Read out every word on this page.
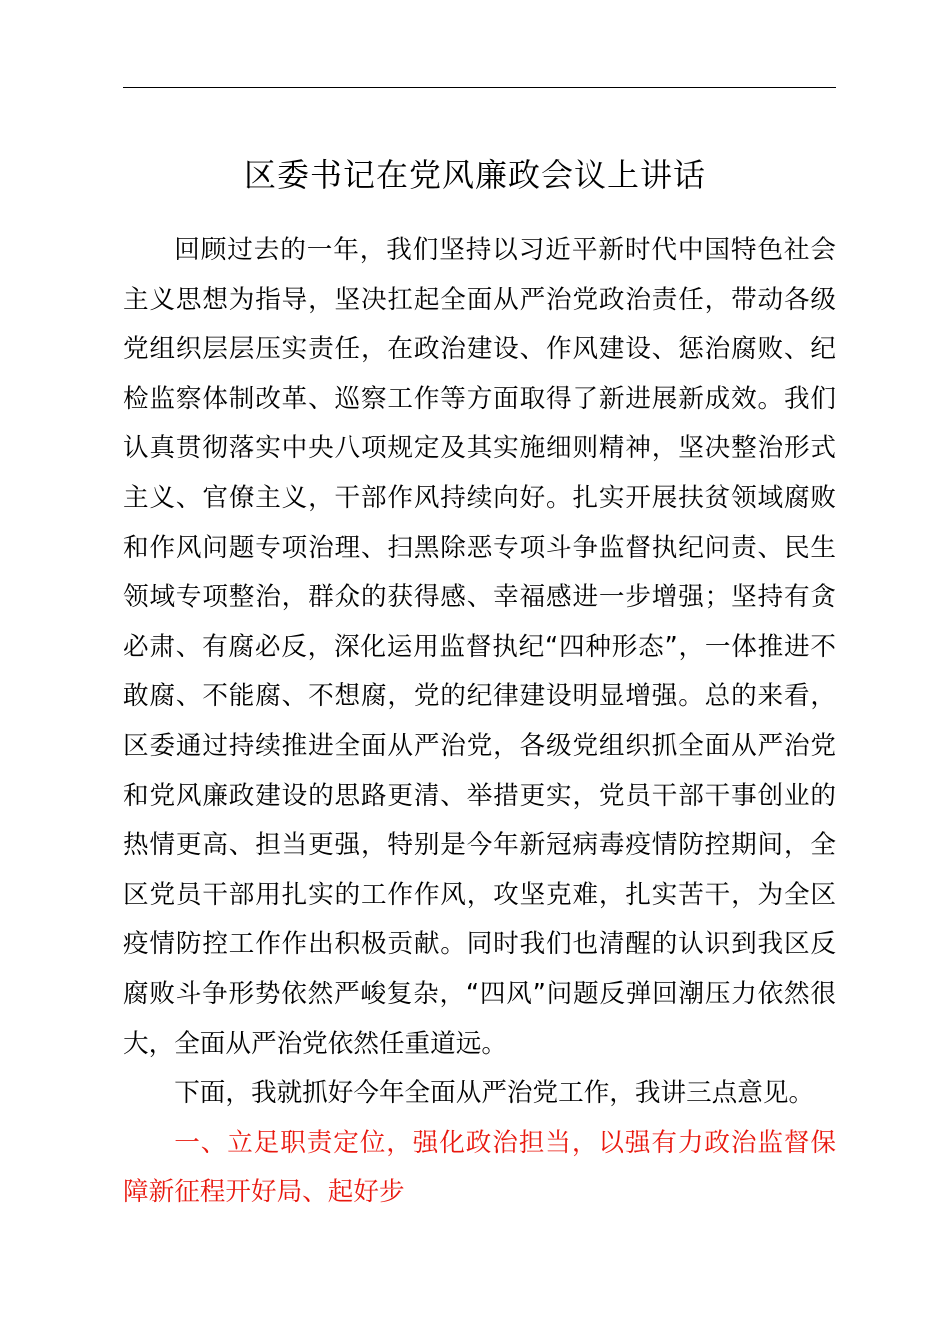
区委书记在党风廉政会议上讲话

回顾过去的一年，我们坚持以习近平新时代中国特色社会主义思想为指导，坚决扛起全面从严治党政治责任，带动各级党组织层层压实责任，在政治建设、作风建设、惩治腐败、纪检监察体制改革、巡察工作等方面取得了新进展新成效。我们认真贯彻落实中央八项规定及其实施细则精神，坚决整治形式主义、官僚主义，干部作风持续向好。扎实开展扶贫领域腐败和作风问题专项治理、扫黑除恶专项斗争监督执纪问责、民生领域专项整治，群众的获得感、幸福感进一步增强；坚持有贪必肃、有腐必反，深化运用监督执纪“四种形态”，一体推进不敢腐、不能腐、不想腐，党的纪律建设明显增强。总的来看，区委通过持续推进全面从严治党，各级党组织抓全面从严治党和党风廉政建设的思路更清、举措更实，党员干部干事创业的热情更高、担当更强，特别是今年新冠病毒疫情防控期间，全区党员干部用扎实的工作作风，攻坚克难，扎实苦干，为全区疫情防控工作作出积极贡献。同时我们也清醒的认识到我区反腐败斗争形势依然严峻复杂，“四风”问题反弹回潮压力依然很大，全面从严治党依然任重道远。

下面，我就抓好今年全面从严治党工作，我讲三点意见。

一、立足职责定位，强化政治担当，以强有力政治监督保障新征程开好局、起好步
